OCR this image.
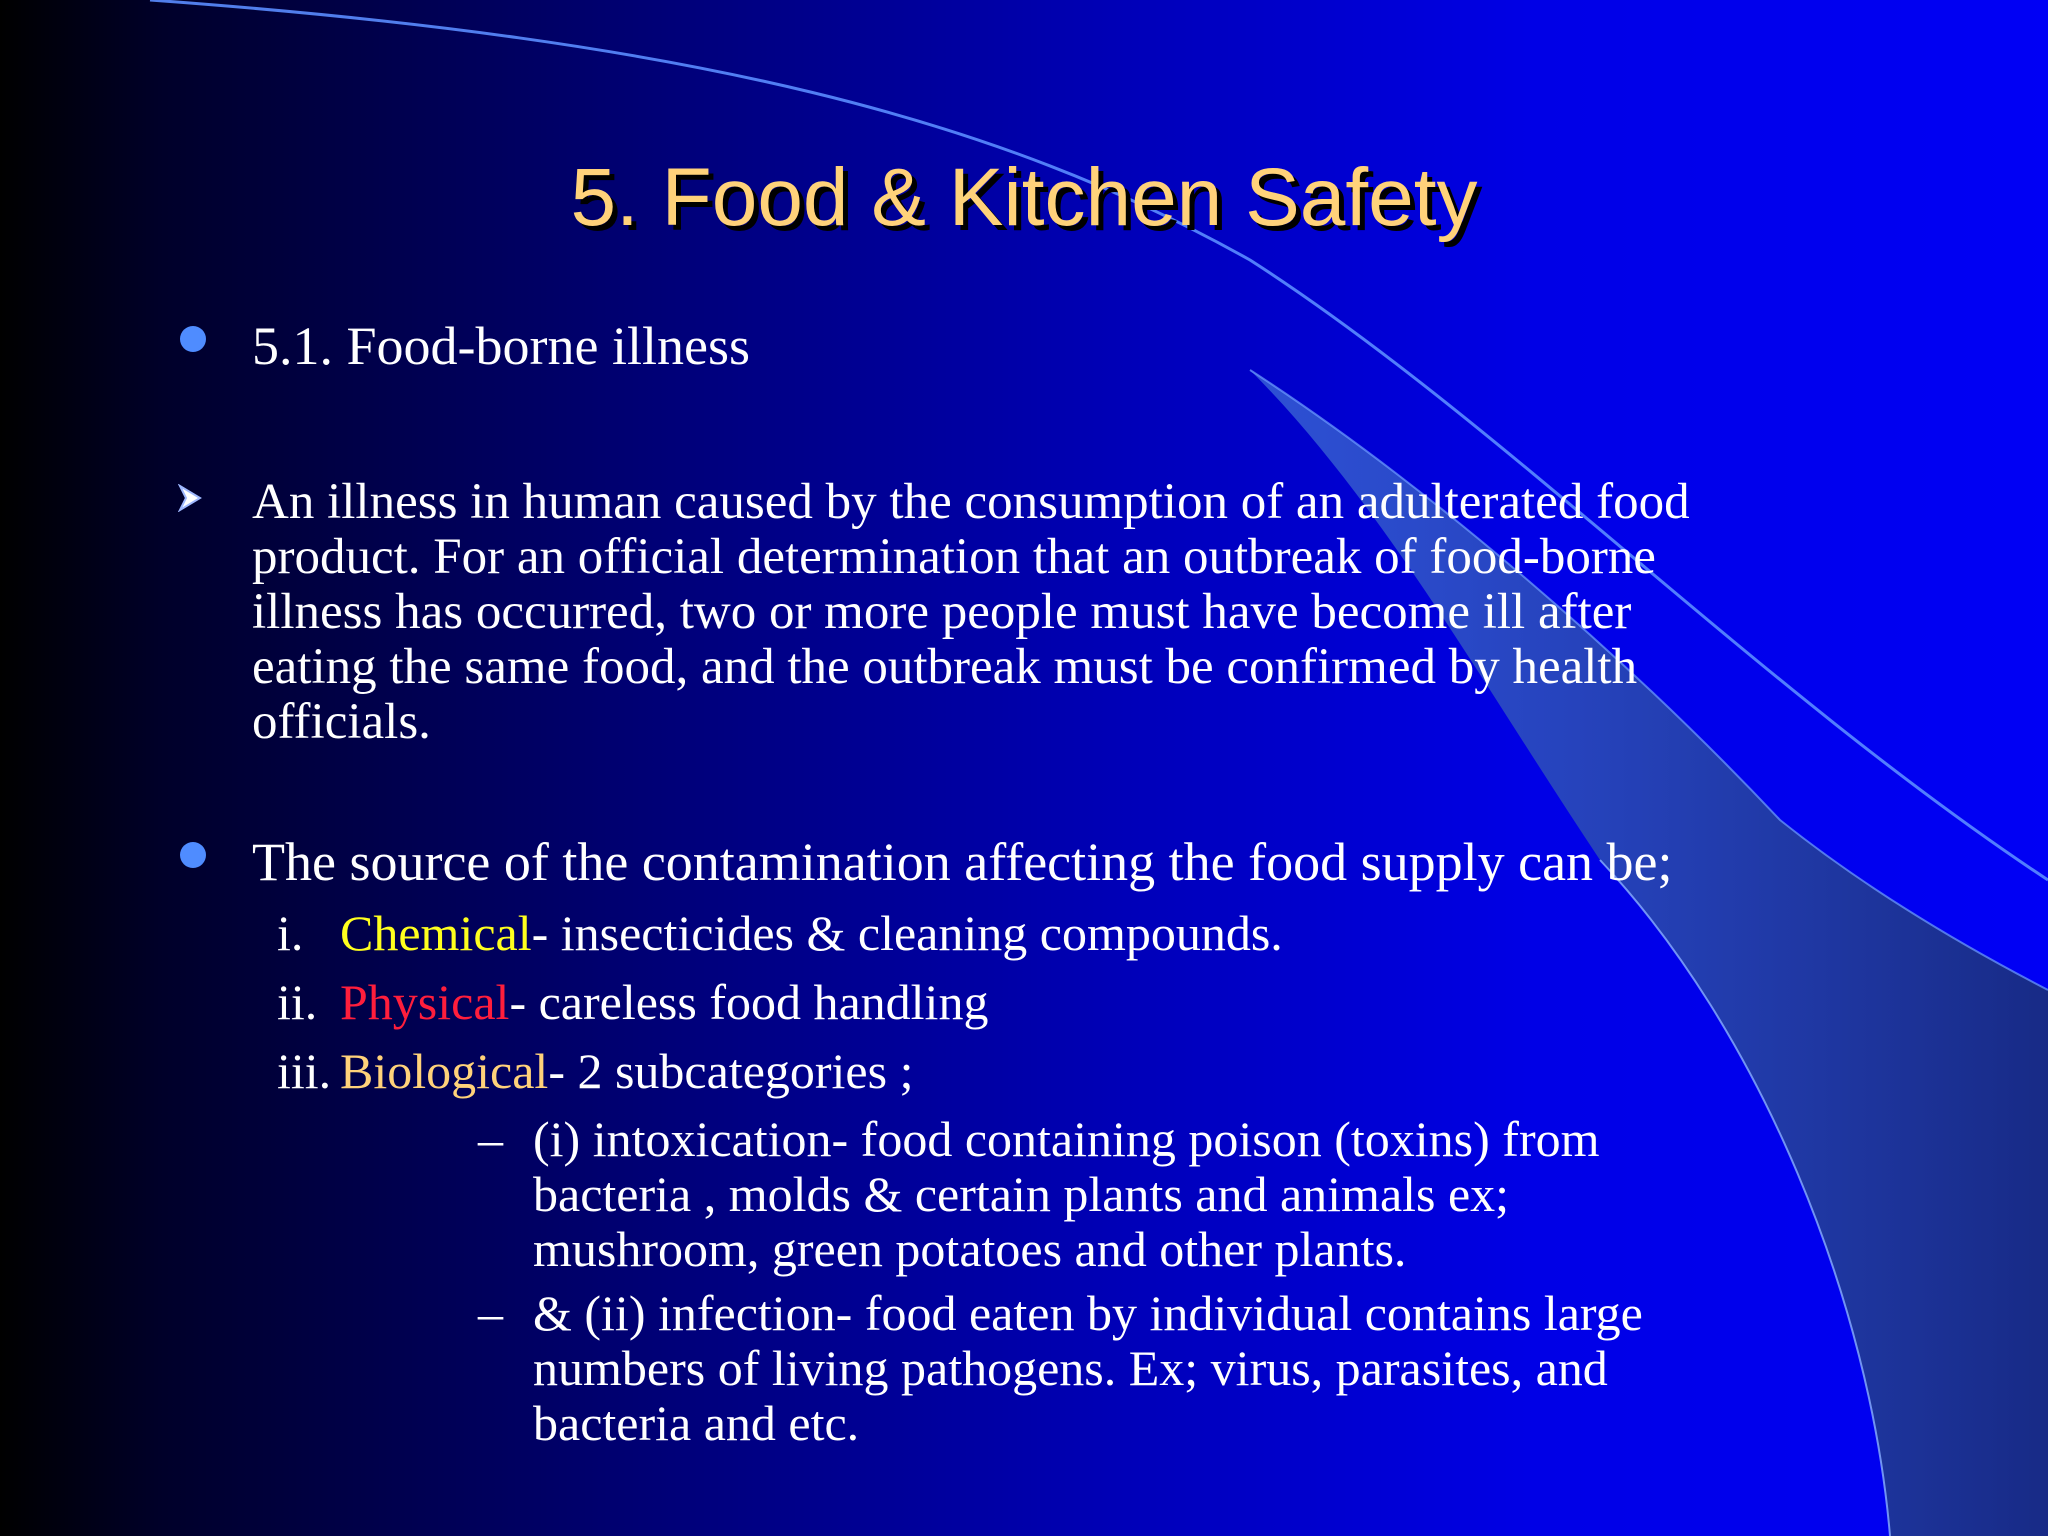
5. Food & Kitchen Safety
5.1. Food-borne illness
An illness in human caused by the consumption of an adulterated food
product. For an official determination that an outbreak of food-borne
illness has occurred, two or more people must have become ill after
eating the same food, and the outbreak must be confirmed by health
officials.
The source of the contamination affecting the food supply can be;
i. Chemical- insecticides & cleaning compounds.
ii. Physical- careless food handling
iii. Biological- 2 subcategories ;
– (i) intoxication- food containing poison (toxins) from
bacteria , molds & certain plants and animals ex;
mushroom, green potatoes and other plants.
– & (ii) infection- food eaten by individual contains large
numbers of living pathogens. Ex; virus, parasites, and
bacteria and etc.
